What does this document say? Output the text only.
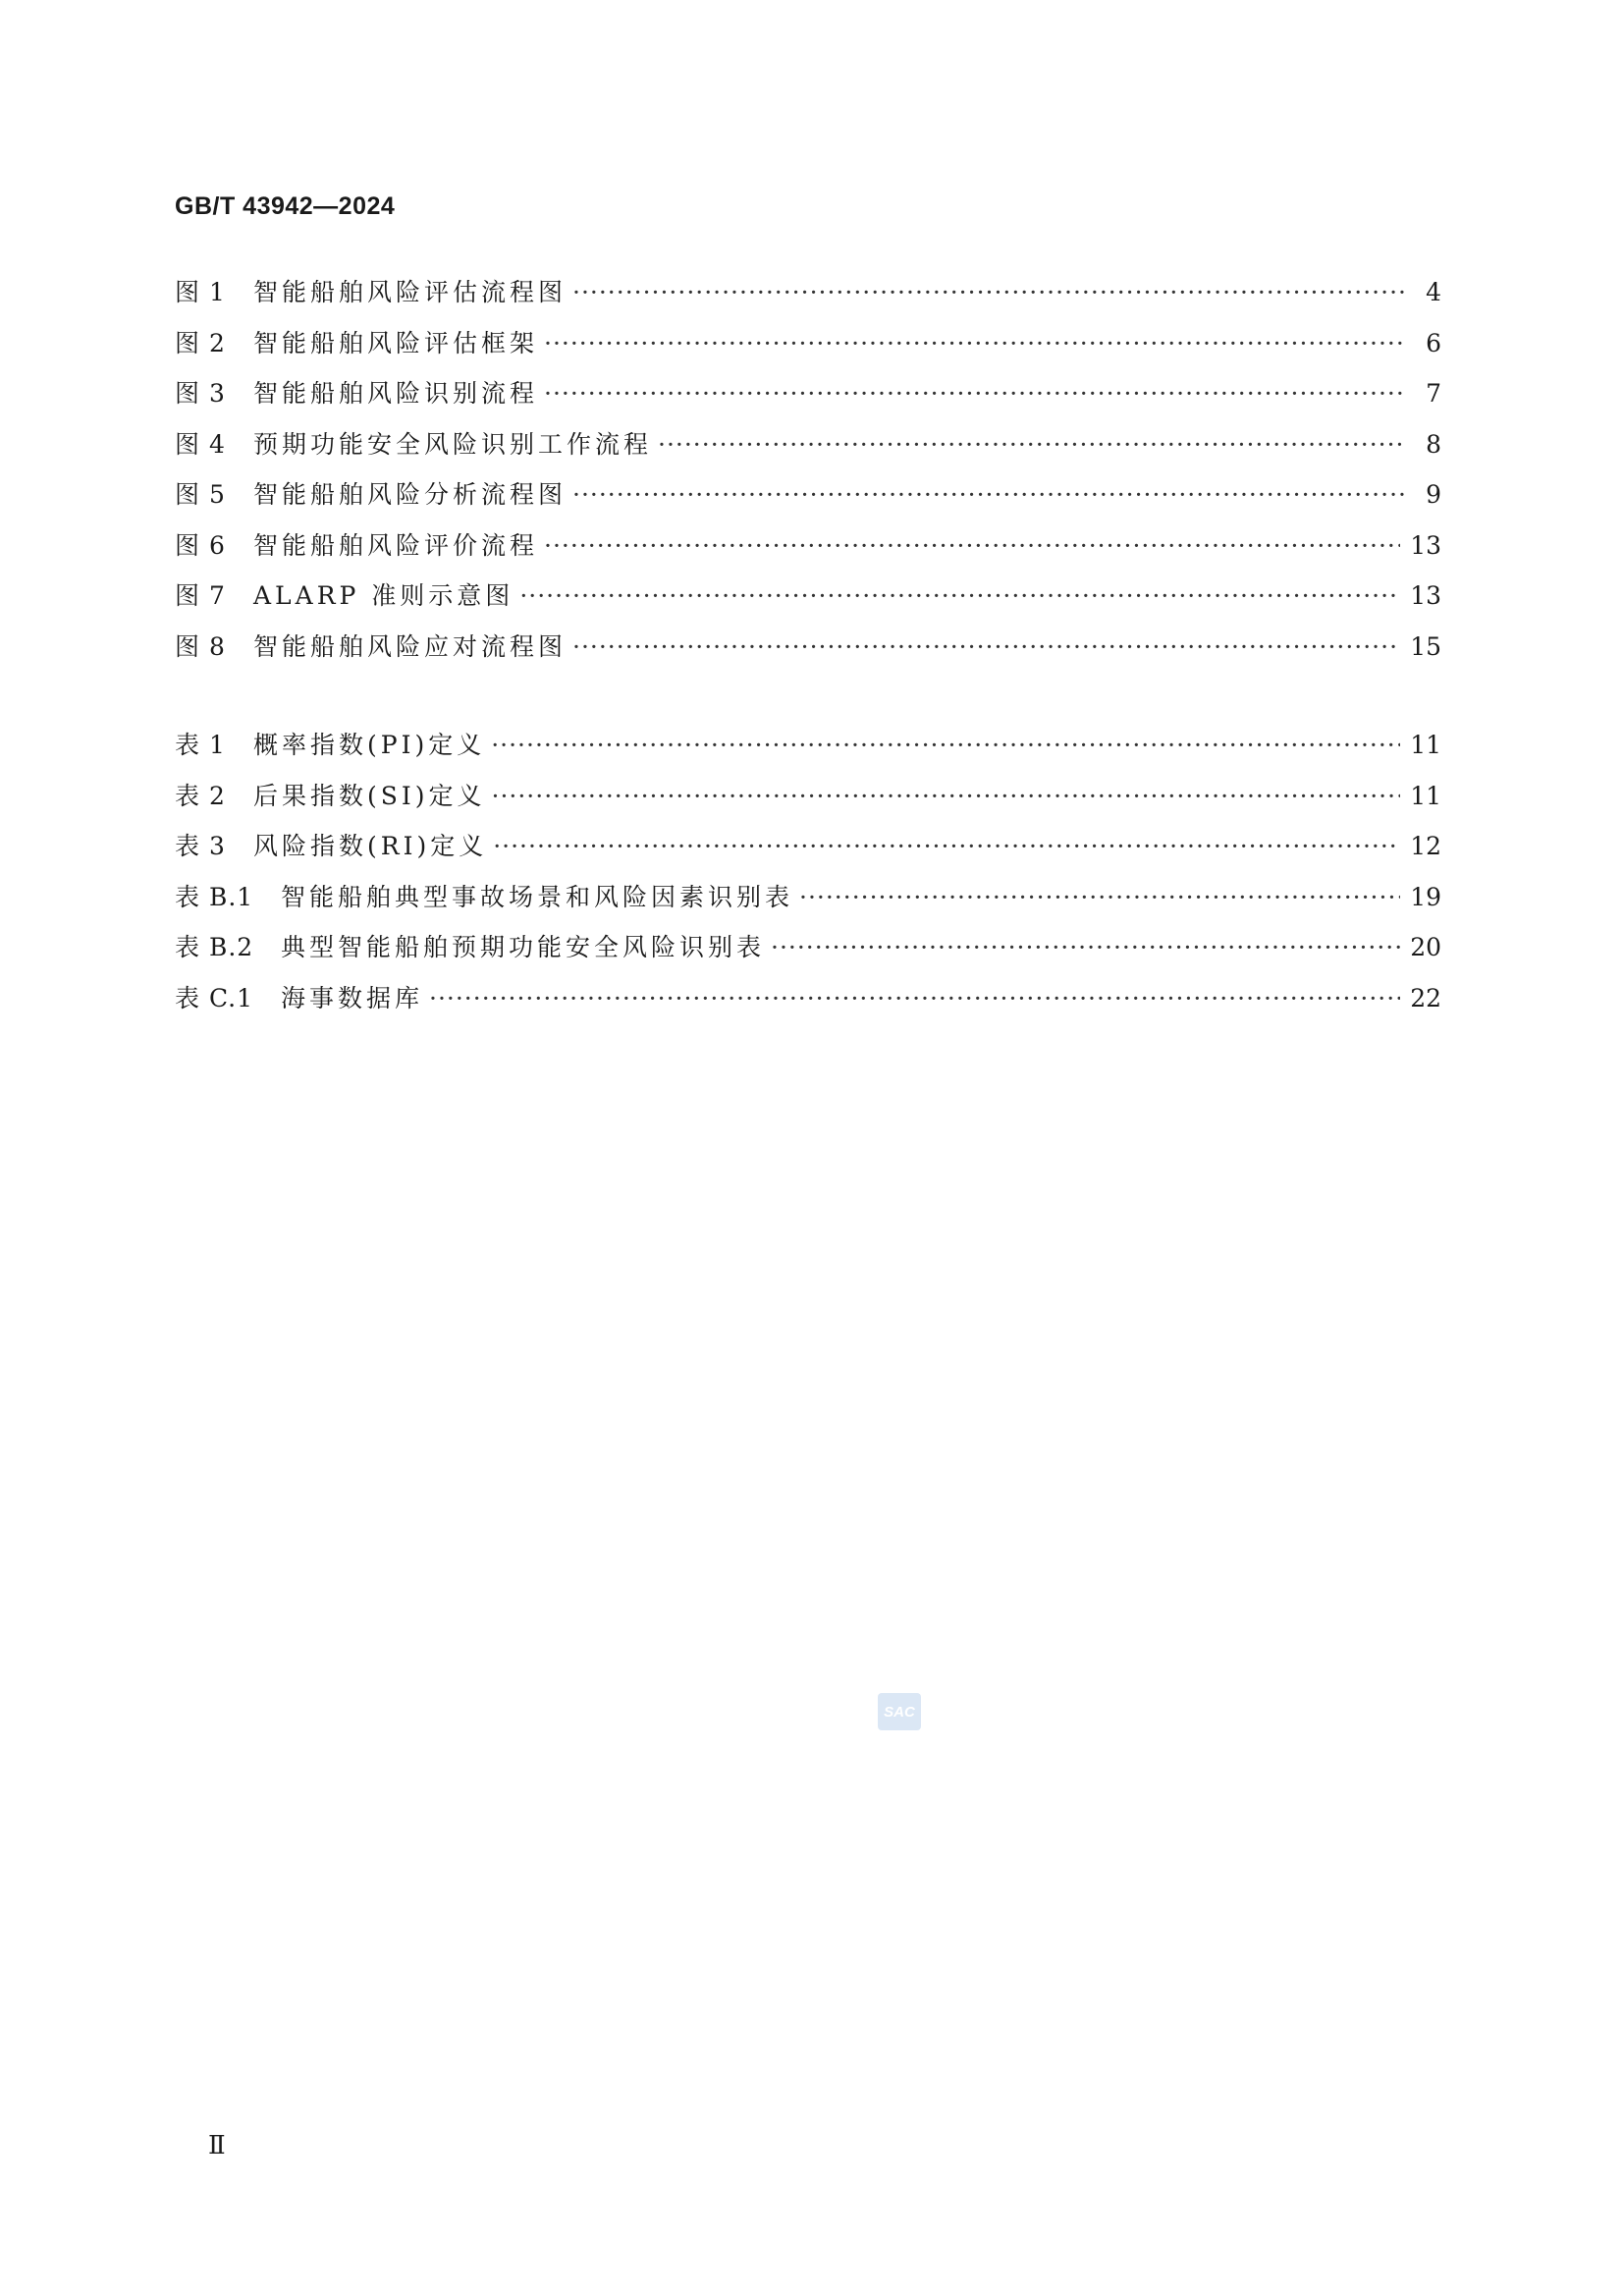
GB/T 43942—2024
图 1	智能船舶风险评估流程图 ·····	4
图 2	智能船舶风险评估框架 ·····	6
图 3	智能船舶风险识别流程 ·····	7
图 4	预期功能安全风险识别工作流程 ·····	8
图 5	智能船舶风险分析流程图 ·····	9
图 6	智能船舶风险评价流程 ·····	13
图 7	ALARP 准则示意图 ·····	13
图 8	智能船舶风险应对流程图 ·····	15
表 1	概率指数(PI)定义 ·····	11
表 2	后果指数(SI)定义 ·····	11
表 3	风险指数(RI)定义 ·····	12
表 B.1	智能船舶典型事故场景和风险因素识别表 ·····	19
表 B.2	典型智能船舶预期功能安全风险识别表 ·····	20
表 C.1	海事数据库 ·····	22
SAC
Ⅱ
